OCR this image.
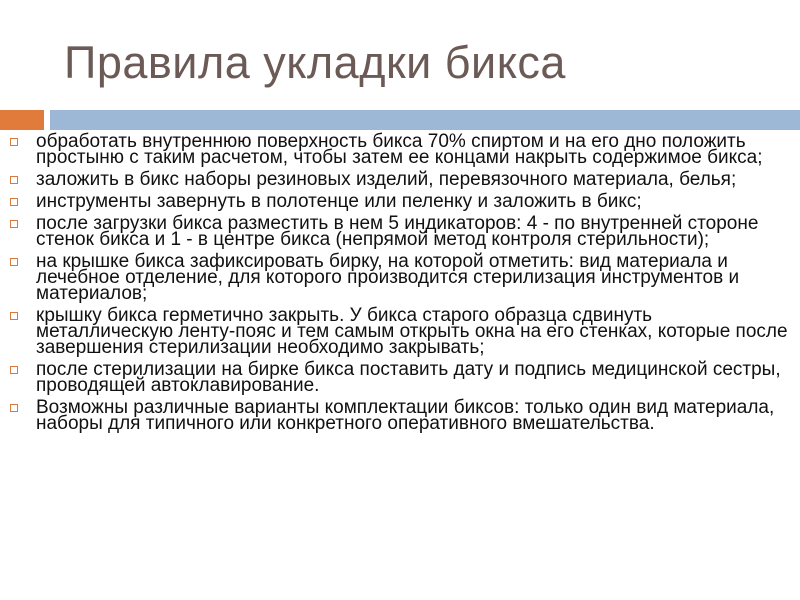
Правила укладки бикса
обработать внутреннюю поверхность бикса 70% спиртом и на его дно положить простыню с таким расчетом, чтобы затем ее концами накрыть содержимое бикса;
заложить в бикс наборы резиновых изделий, перевязочного материала, белья;
инструменты завернуть в полотенце или пеленку и заложить в бикс;
после загрузки бикса разместить в нем 5 индикаторов: 4 - по внутренней стороне стенок бикса и 1 - в центре бикса (непрямой метод контроля стерильности);
на крышке бикса зафиксировать бирку, на которой отметить: вид материала и лечебное отделение, для которого производится стерилизация инструментов и материалов;
крышку бикса герметично закрыть. У бикса старого образца сдвинуть металлическую ленту-пояс и тем самым открыть окна на его стенках, которые после завершения стерилизации необходимо закрывать;
после стерилизации на бирке бикса поставить дату и подпись медицинской сестры, проводящей автоклавирование.
Возможны различные варианты комплектации биксов: только один вид материала, наборы для типичного или конкретного оперативного вмешательства.
